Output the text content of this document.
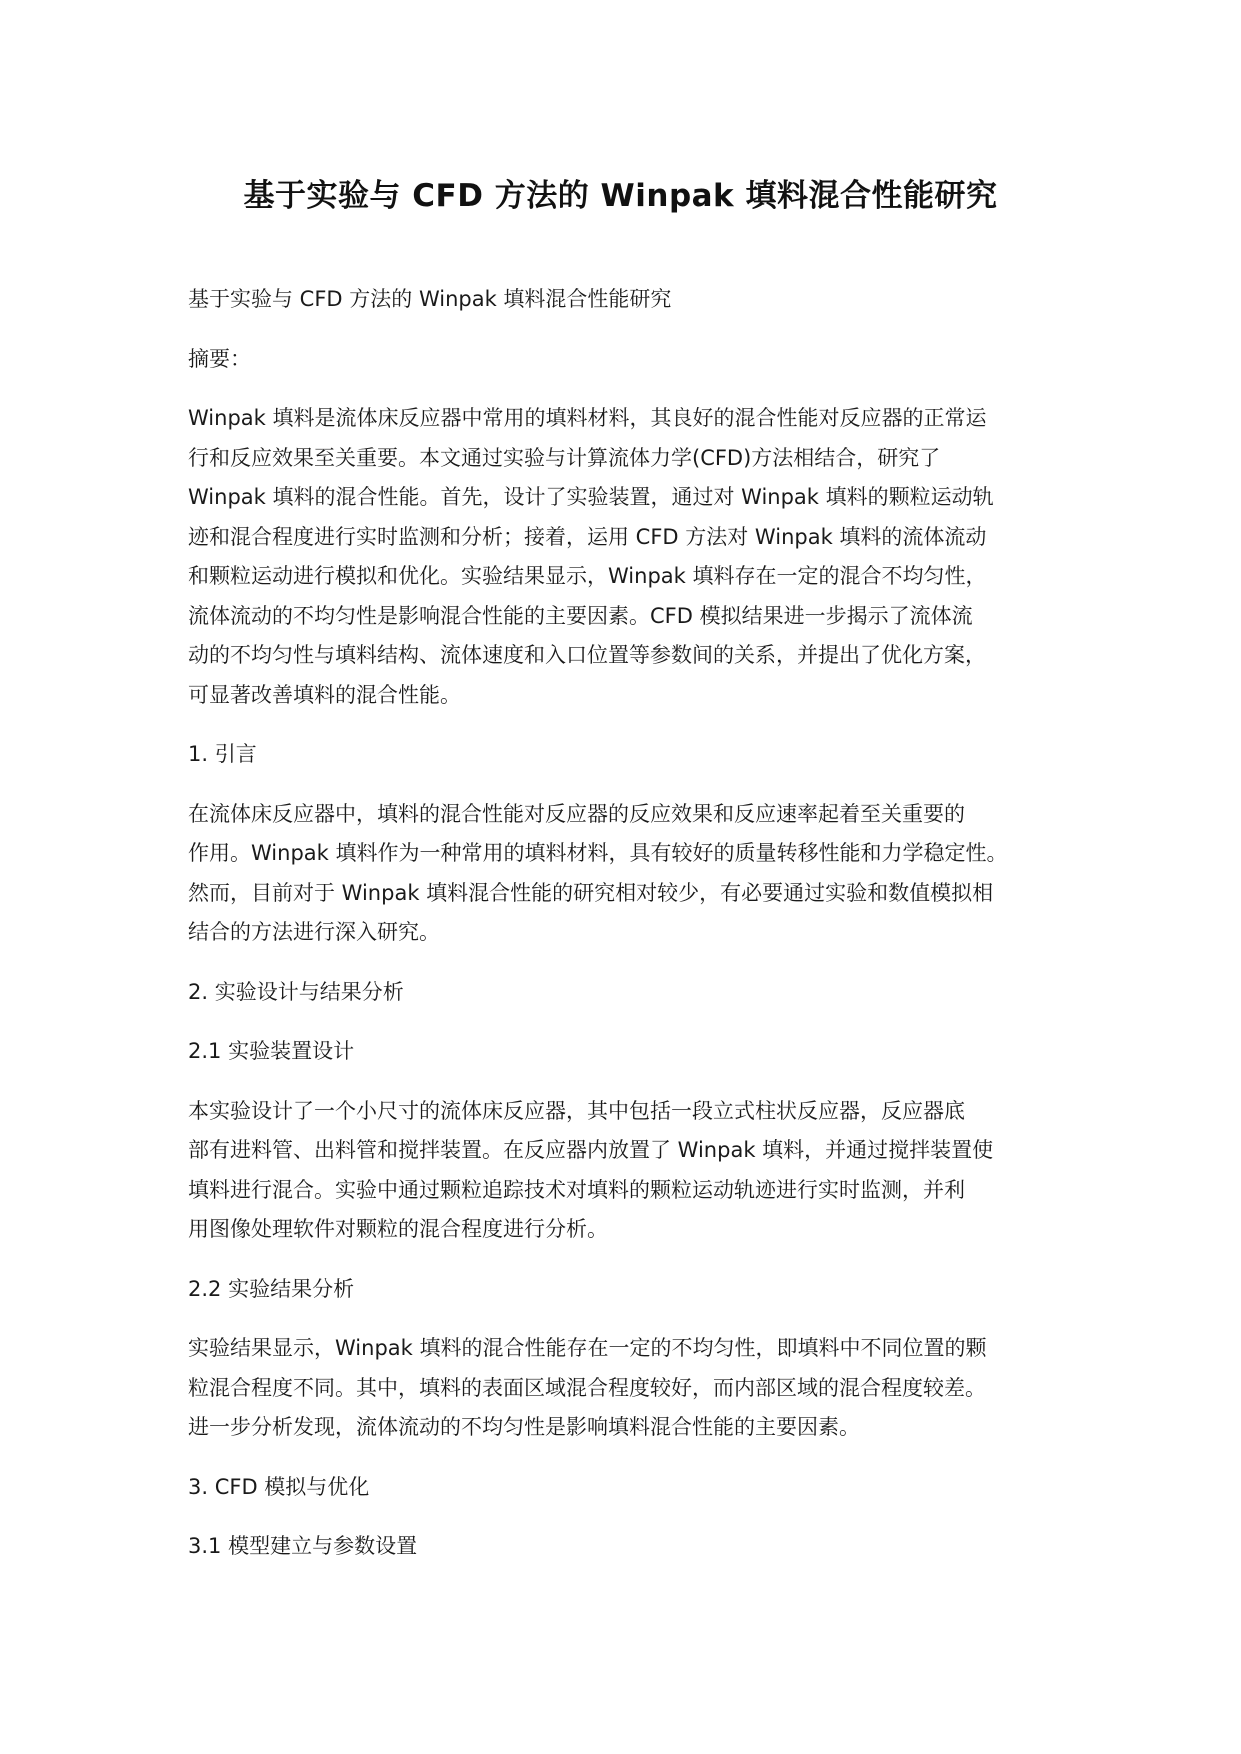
基于实验与 CFD 方法的 Winpak 填料混合性能研究

基于实验与 CFD 方法的 Winpak 填料混合性能研究

摘要：

Winpak 填料是流体床反应器中常用的填料材料，其良好的混合性能对反应器的正常运
行和反应效果至关重要。本文通过实验与计算流体力学(CFD)方法相结合，研究了
Winpak 填料的混合性能。首先，设计了实验装置，通过对 Winpak 填料的颗粒运动轨
迹和混合程度进行实时监测和分析；接着，运用 CFD 方法对 Winpak 填料的流体流动
和颗粒运动进行模拟和优化。实验结果显示，Winpak 填料存在一定的混合不均匀性，
流体流动的不均匀性是影响混合性能的主要因素。CFD 模拟结果进一步揭示了流体流
动的不均匀性与填料结构、流体速度和入口位置等参数间的关系，并提出了优化方案，
可显著改善填料的混合性能。

1. 引言

在流体床反应器中，填料的混合性能对反应器的反应效果和反应速率起着至关重要的
作用。Winpak 填料作为一种常用的填料材料，具有较好的质量转移性能和力学稳定性。
然而，目前对于 Winpak 填料混合性能的研究相对较少，有必要通过实验和数值模拟相
结合的方法进行深入研究。

2. 实验设计与结果分析

2.1 实验装置设计

本实验设计了一个小尺寸的流体床反应器，其中包括一段立式柱状反应器，反应器底
部有进料管、出料管和搅拌装置。在反应器内放置了 Winpak 填料，并通过搅拌装置使
填料进行混合。实验中通过颗粒追踪技术对填料的颗粒运动轨迹进行实时监测，并利
用图像处理软件对颗粒的混合程度进行分析。

2.2 实验结果分析

实验结果显示，Winpak 填料的混合性能存在一定的不均匀性，即填料中不同位置的颗
粒混合程度不同。其中，填料的表面区域混合程度较好，而内部区域的混合程度较差。
进一步分析发现，流体流动的不均匀性是影响填料混合性能的主要因素。

3. CFD 模拟与优化

3.1 模型建立与参数设置
